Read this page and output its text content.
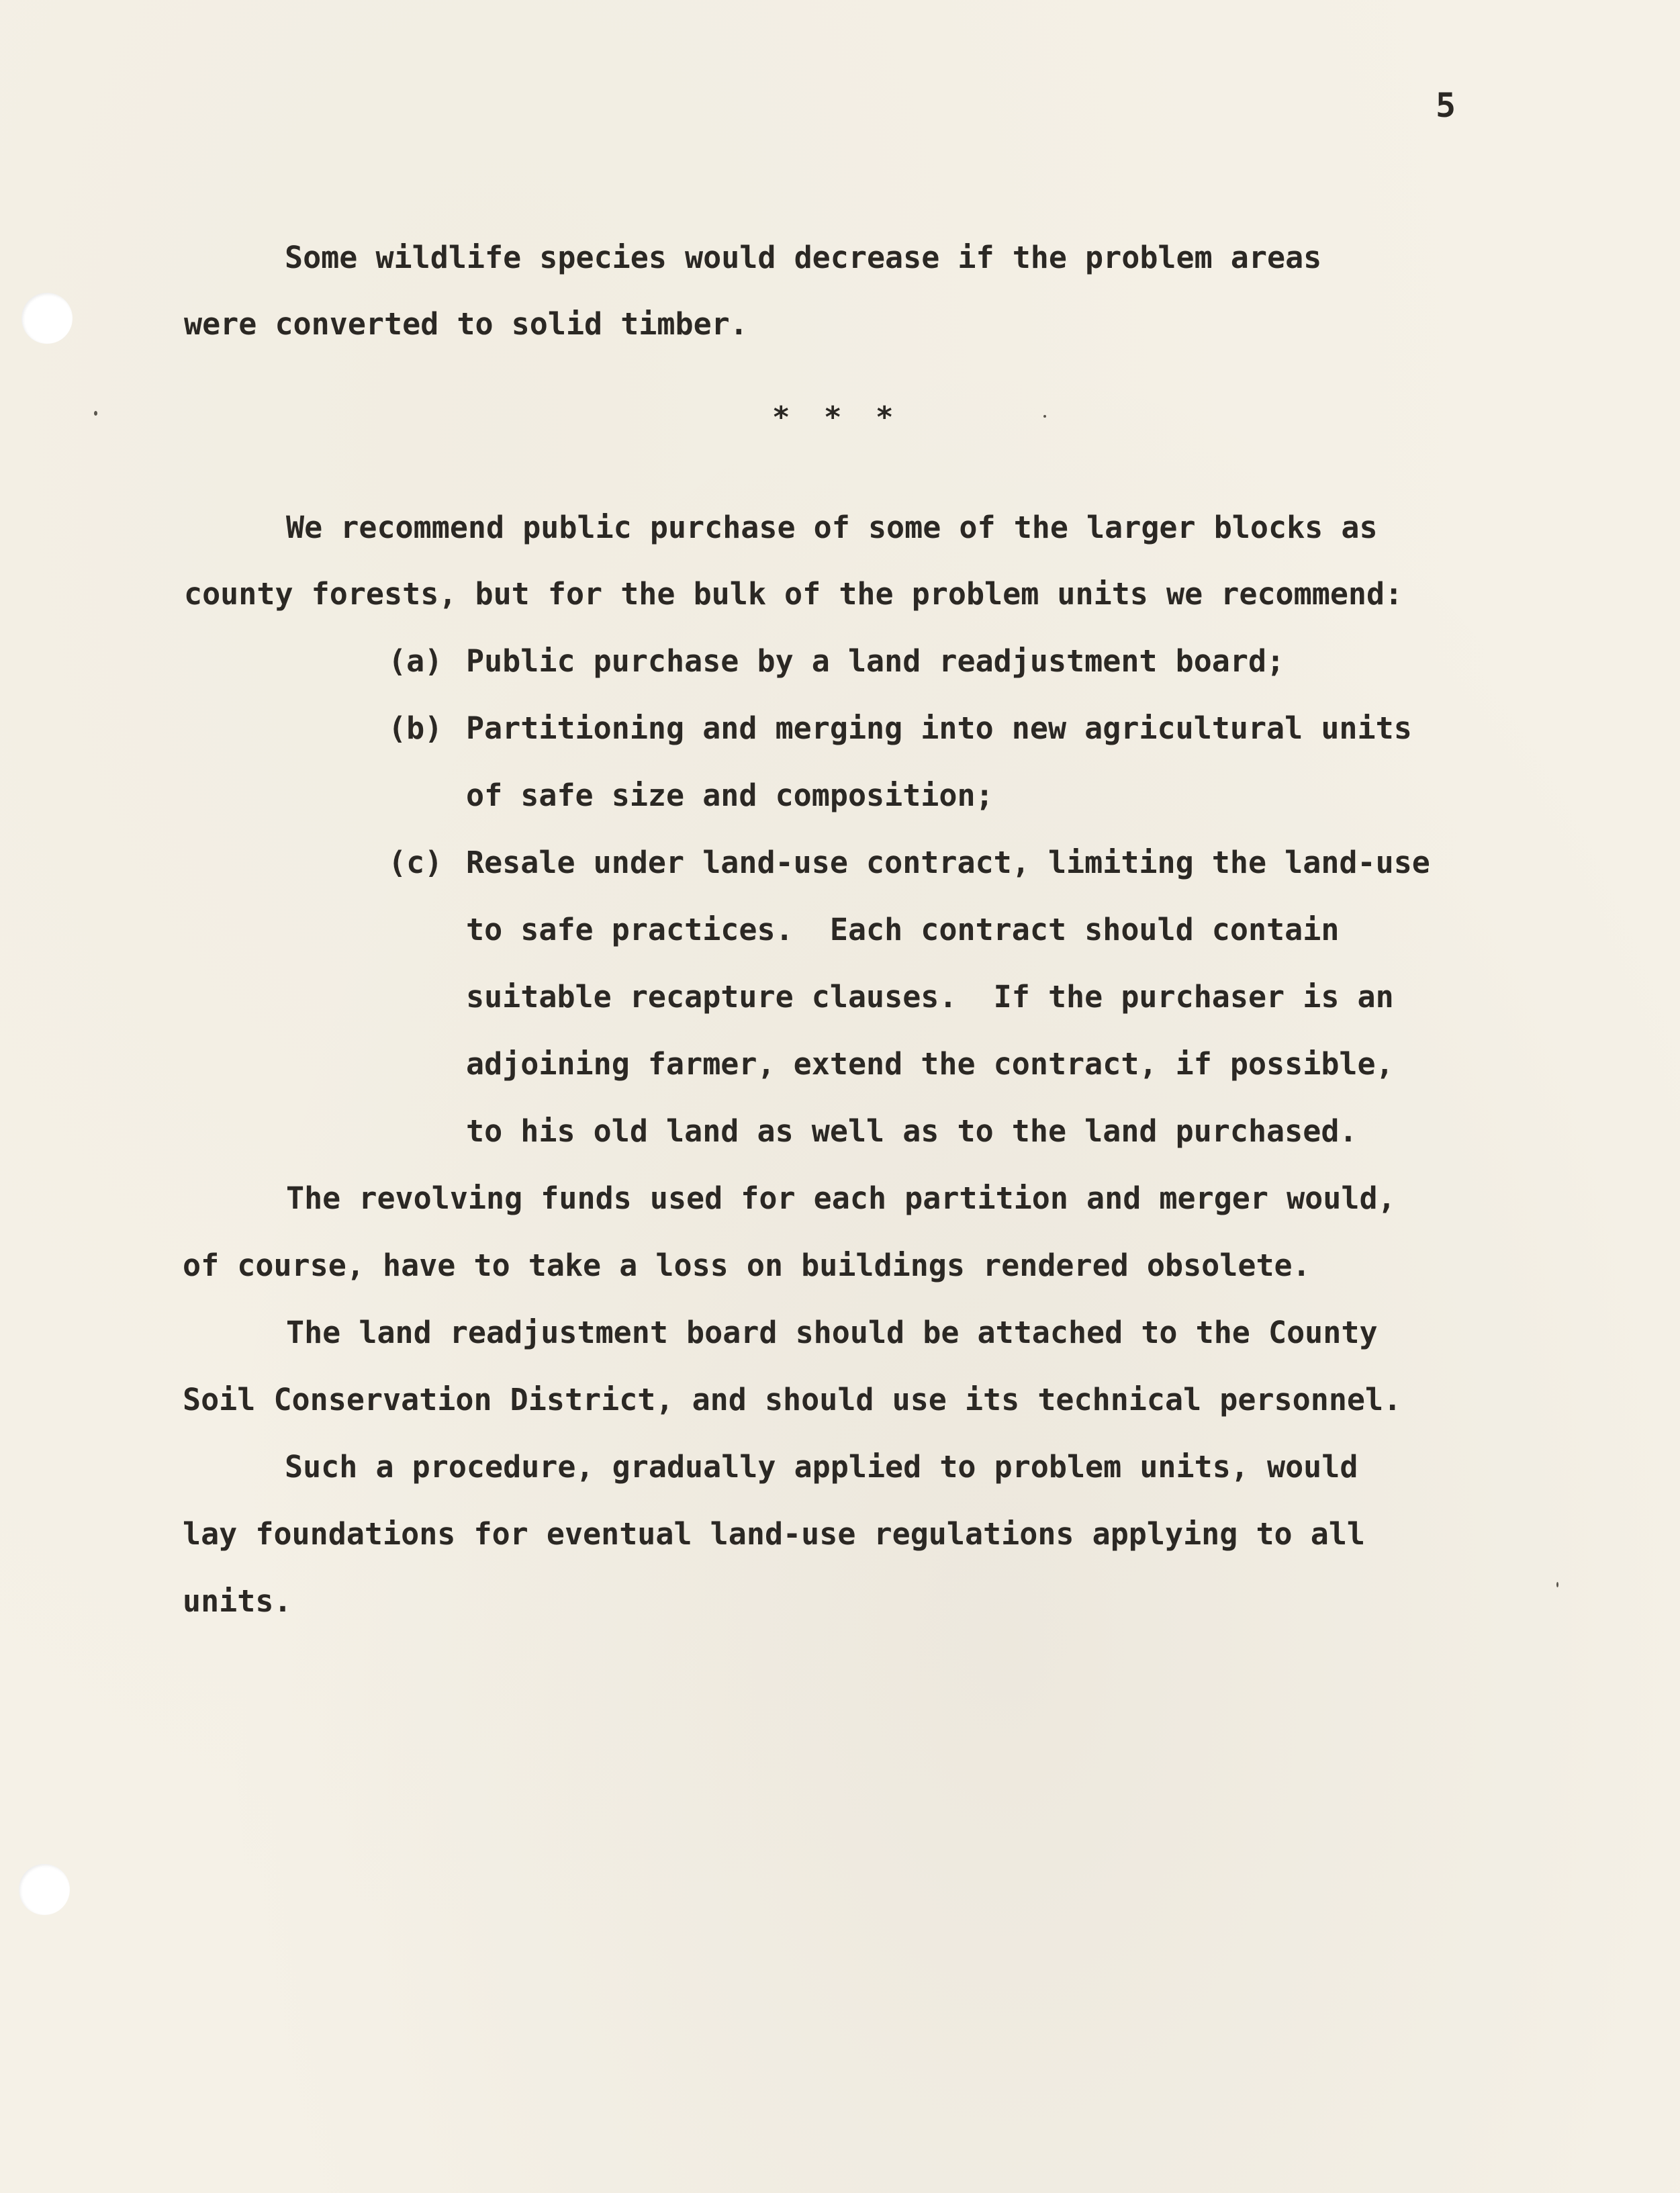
5
Some wildlife species would decrease if the problem areas
were converted to solid timber.
* * *
We recommend public purchase of some of the larger blocks as
county forests, but for the bulk of the problem units we recommend:
(a) Public purchase by a land readjustment board;
(b) Partitioning and merging into new agricultural units
of safe size and composition;
(c) Resale under land-use contract, limiting the land-use
to safe practices.  Each contract should contain
suitable recapture clauses.  If the purchaser is an
adjoining farmer, extend the contract, if possible,
to his old land as well as to the land purchased.
The revolving funds used for each partition and merger would,
of course, have to take a loss on buildings rendered obsolete.
The land readjustment board should be attached to the County
Soil Conservation District, and should use its technical personnel.
Such a procedure, gradually applied to problem units, would
lay foundations for eventual land-use regulations applying to all
units.
